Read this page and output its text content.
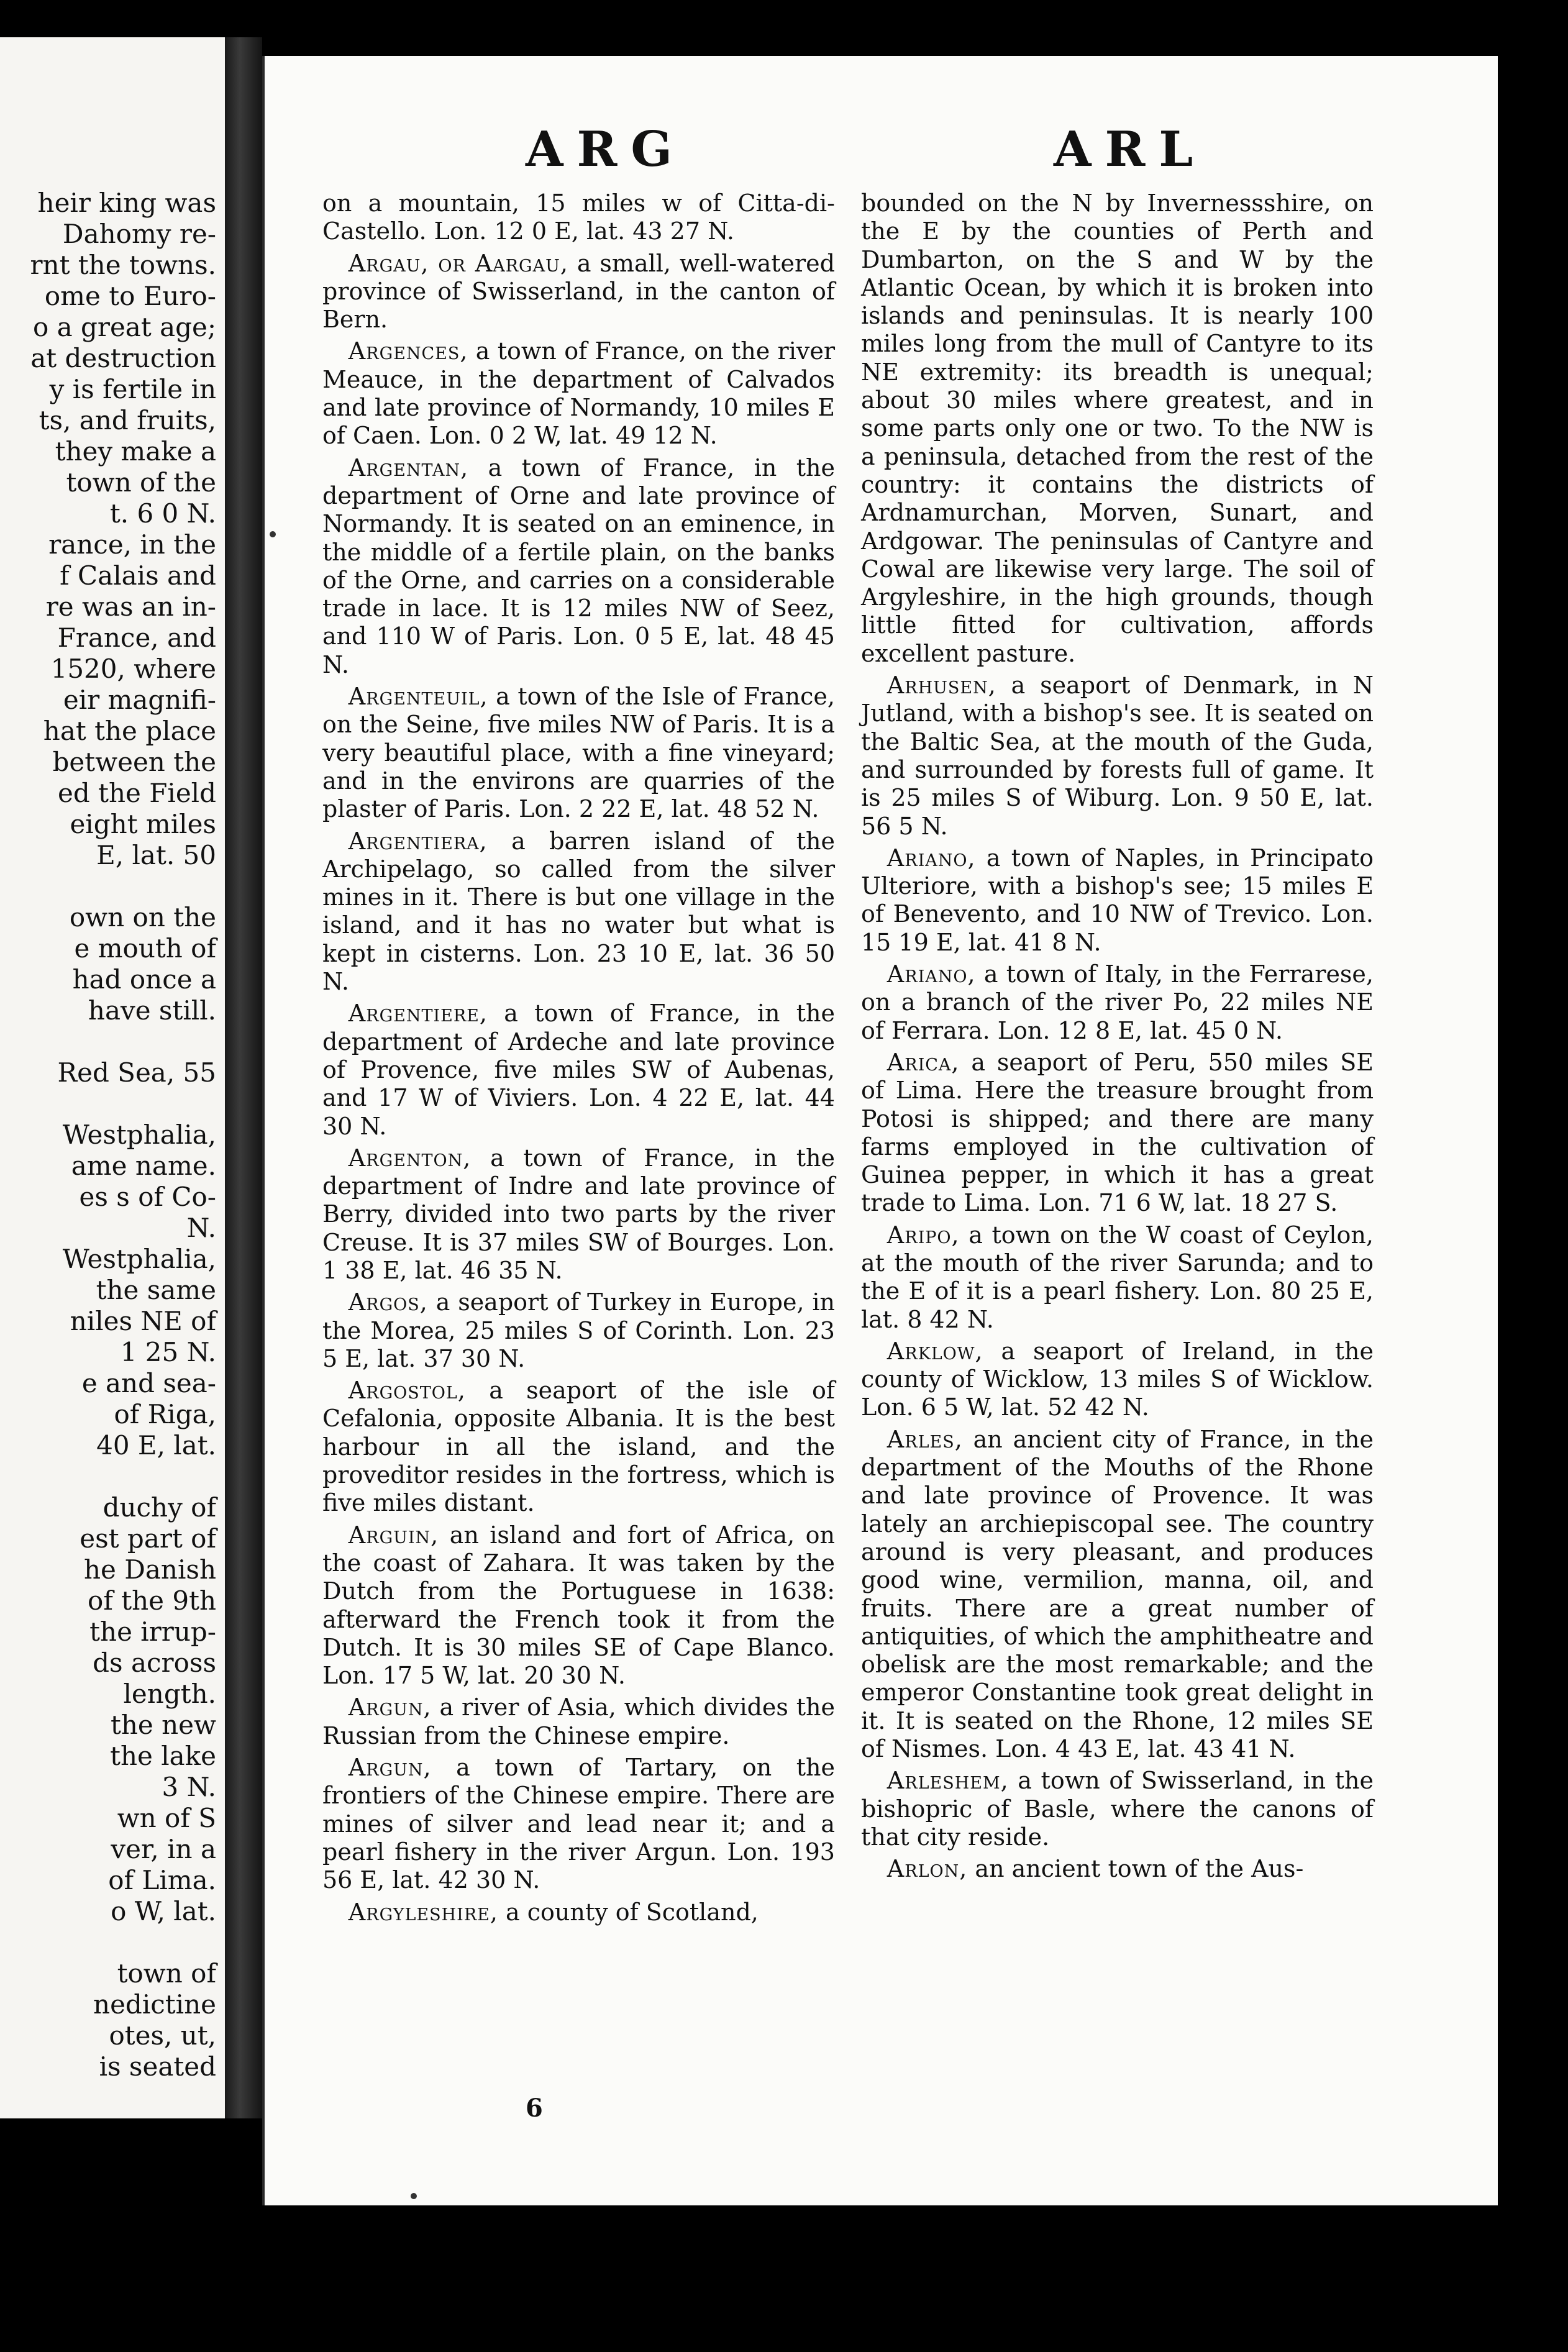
heir king was
Dahomy re-
rnt the towns.
ome to Euro-
o a great age;
at destruction
y is fertile in
ts, and fruits,
they make a
town of the
t. 6 0 N.
rance, in the
f Calais and
re was an in-
France, and
1520, where
eir magnifi-
hat the place
between the
ed the Field
eight miles
E, lat. 50
own on the
e mouth of
had once a
have still.
Red Sea, 55
Westphalia,
ame name.
es s of Co-
N.
Westphalia,
the same
niles NE of
1 25 N.
e and sea-
of Riga,
40 E, lat.
duchy of
est part of
he Danish
of the 9th
the irrup-
ds across
length.
the new
the lake
3 N.
wn of S
ver, in a
of Lima.
o W, lat.
town of
nedictine
otes, ut,
is seated
ARG	ARL

on a mountain, 15 miles w of Citta-di-Castello. Lon. 12 0 E, lat. 43 27 N.

Argau, or Aargau, a small, well-watered province of Swisserland, in the canton of Bern.

Argences, a town of France, on the river Meauce, in the department of Calvados and late province of Normandy, 10 miles E of Caen. Lon. 0 2 W, lat. 49 12 N.

Argentan, a town of France, in the department of Orne and late province of Normandy. It is seated on an eminence, in the middle of a fertile plain, on the banks of the Orne, and carries on a considerable trade in lace. It is 12 miles NW of Seez, and 110 W of Paris. Lon. 0 5 E, lat. 48 45 N.

Argenteuil, a town of the Isle of France, on the Seine, five miles NW of Paris. It is a very beautiful place, with a fine vineyard; and in the environs are quarries of the plaster of Paris. Lon. 2 22 E, lat. 48 52 N.

Argentiera, a barren island of the Archipelago, so called from the silver mines in it. There is but one village in the island, and it has no water but what is kept in cisterns. Lon. 23 10 E, lat. 36 50 N.

Argentiere, a town of France, in the department of Ardeche and late province of Provence, five miles SW of Aubenas, and 17 W of Viviers. Lon. 4 22 E, lat. 44 30 N.

Argenton, a town of France, in the department of Indre and late province of Berry, divided into two parts by the river Creuse. It is 37 miles SW of Bourges. Lon. 1 38 E, lat. 46 35 N.

Argos, a seaport of Turkey in Europe, in the Morea, 25 miles S of Corinth. Lon. 23 5 E, lat. 37 30 N.

Argostol, a seaport of the isle of Cefalonia, opposite Albania. It is the best harbour in all the island, and the proveditor resides in the fortress, which is five miles distant.

Arguin, an island and fort of Africa, on the coast of Zahara. It was taken by the Dutch from the Portuguese in 1638: afterward the French took it from the Dutch. It is 30 miles SE of Cape Blanco. Lon. 17 5 W, lat. 20 30 N.

Argun, a river of Asia, which divides the Russian from the Chinese empire.

Argun, a town of Tartary, on the frontiers of the Chinese empire. There are mines of silver and lead near it; and a pearl fishery in the river Argun. Lon. 193 56 E, lat. 42 30 N.

Argyleshire, a county of Scotland,

bounded on the N by Invernessshire, on the E by the counties of Perth and Dumbarton, on the S and W by the Atlantic Ocean, by which it is broken into islands and peninsulas. It is nearly 100 miles long from the mull of Cantyre to its NE extremity: its breadth is unequal; about 30 miles where greatest, and in some parts only one or two. To the NW is a peninsula, detached from the rest of the country: it contains the districts of Ardnamurchan, Morven, Sunart, and Ardgowar. The peninsulas of Cantyre and Cowal are likewise very large. The soil of Argyleshire, in the high grounds, though little fitted for cultivation, affords excellent pasture.

Arhusen, a seaport of Denmark, in N Jutland, with a bishop's see. It is seated on the Baltic Sea, at the mouth of the Guda, and surrounded by forests full of game. It is 25 miles S of Wiburg. Lon. 9 50 E, lat. 56 5 N.

Ariano, a town of Naples, in Principato Ulteriore, with a bishop's see; 15 miles E of Benevento, and 10 NW of Trevico. Lon. 15 19 E, lat. 41 8 N.

Ariano, a town of Italy, in the Ferrarese, on a branch of the river Po, 22 miles NE of Ferrara. Lon. 12 8 E, lat. 45 0 N.

Arica, a seaport of Peru, 550 miles SE of Lima. Here the treasure brought from Potosi is shipped; and there are many farms employed in the cultivation of Guinea pepper, in which it has a great trade to Lima. Lon. 71 6 W, lat. 18 27 S.

Aripo, a town on the W coast of Ceylon, at the mouth of the river Sarunda; and to the E of it is a pearl fishery. Lon. 80 25 E, lat. 8 42 N.

Arklow, a seaport of Ireland, in the county of Wicklow, 13 miles S of Wicklow. Lon. 6 5 W, lat. 52 42 N.

Arles, an ancient city of France, in the department of the Mouths of the Rhone and late province of Provence. It was lately an archiepiscopal see. The country around is very pleasant, and produces good wine, vermilion, manna, oil, and fruits. There are a great number of antiquities, of which the amphitheatre and obelisk are the most remarkable; and the emperor Constantine took great delight in it. It is seated on the Rhone, 12 miles SE of Nismes. Lon. 4 43 E, lat. 43 41 N.

Arleshem, a town of Swisserland, in the bishopric of Basle, where the canons of that city reside.

Arlon, an ancient town of the Aus-

6
